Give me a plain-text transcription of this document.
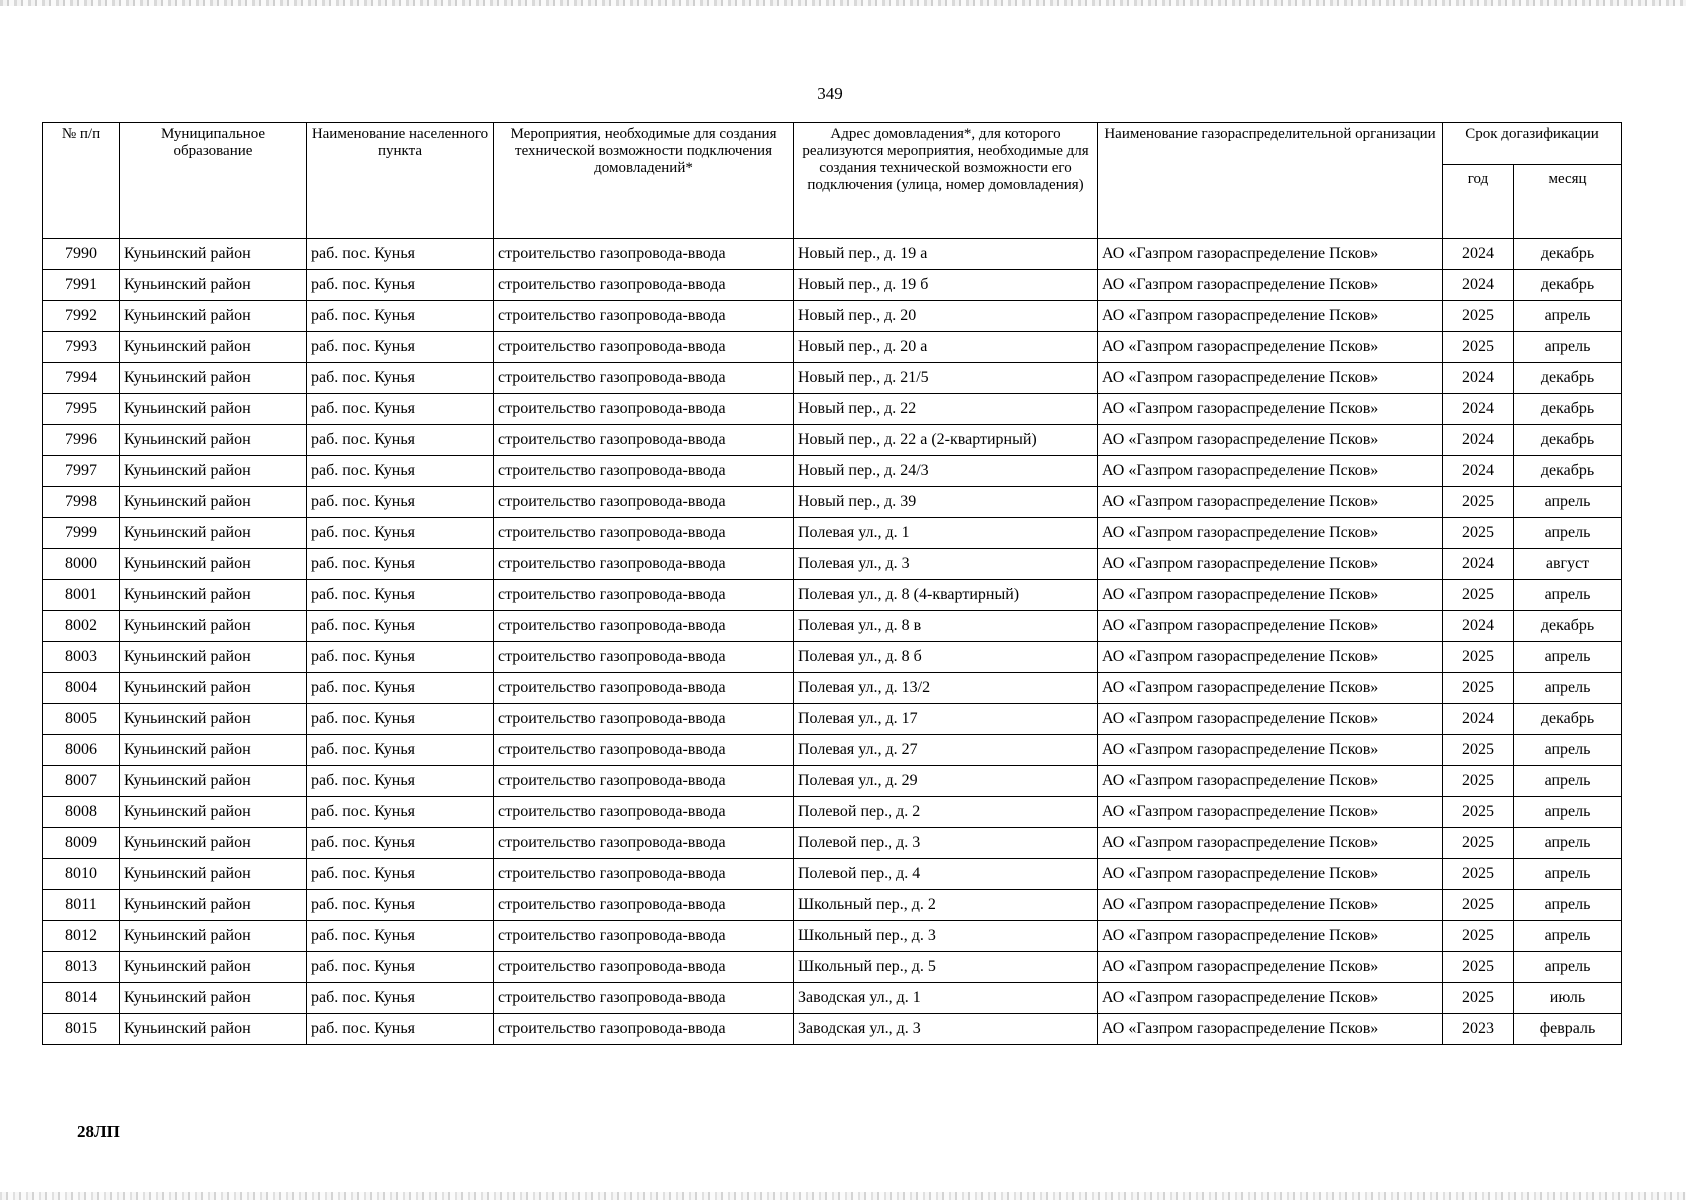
349
№ п/п	Муниципальное образование	Наименование населенного пункта	Мероприятия, необходимые для создания технической возможности подключения домовладений*	Адрес домовладения*, для которого реализуются мероприятия, необходимые для создания технической возможности его подключения (улица, номер домовладения)	Наименование газораспределительной организации	Срок догазификации	
						год	месяц
7990	Куньинский район	раб. пос. Кунья	строительство газопровода-ввода	Новый пер., д. 19 а	АО «Газпром газораспределение Псков»	2024	декабрь
7991	Куньинский район	раб. пос. Кунья	строительство газопровода-ввода	Новый пер., д. 19 б	АО «Газпром газораспределение Псков»	2024	декабрь
7992	Куньинский район	раб. пос. Кунья	строительство газопровода-ввода	Новый пер., д. 20	АО «Газпром газораспределение Псков»	2025	апрель
7993	Куньинский район	раб. пос. Кунья	строительство газопровода-ввода	Новый пер., д. 20 а	АО «Газпром газораспределение Псков»	2025	апрель
7994	Куньинский район	раб. пос. Кунья	строительство газопровода-ввода	Новый пер., д. 21/5	АО «Газпром газораспределение Псков»	2024	декабрь
7995	Куньинский район	раб. пос. Кунья	строительство газопровода-ввода	Новый пер., д. 22	АО «Газпром газораспределение Псков»	2024	декабрь
7996	Куньинский район	раб. пос. Кунья	строительство газопровода-ввода	Новый пер., д. 22 а (2-квартирный)	АО «Газпром газораспределение Псков»	2024	декабрь
7997	Куньинский район	раб. пос. Кунья	строительство газопровода-ввода	Новый пер., д. 24/3	АО «Газпром газораспределение Псков»	2024	декабрь
7998	Куньинский район	раб. пос. Кунья	строительство газопровода-ввода	Новый пер., д. 39	АО «Газпром газораспределение Псков»	2025	апрель
7999	Куньинский район	раб. пос. Кунья	строительство газопровода-ввода	Полевая ул., д. 1	АО «Газпром газораспределение Псков»	2025	апрель
8000	Куньинский район	раб. пос. Кунья	строительство газопровода-ввода	Полевая ул., д. 3	АО «Газпром газораспределение Псков»	2024	август
8001	Куньинский район	раб. пос. Кунья	строительство газопровода-ввода	Полевая ул., д. 8 (4-квартирный)	АО «Газпром газораспределение Псков»	2025	апрель
8002	Куньинский район	раб. пос. Кунья	строительство газопровода-ввода	Полевая ул., д. 8 в	АО «Газпром газораспределение Псков»	2024	декабрь
8003	Куньинский район	раб. пос. Кунья	строительство газопровода-ввода	Полевая ул., д. 8 б	АО «Газпром газораспределение Псков»	2025	апрель
8004	Куньинский район	раб. пос. Кунья	строительство газопровода-ввода	Полевая ул., д. 13/2	АО «Газпром газораспределение Псков»	2025	апрель
8005	Куньинский район	раб. пос. Кунья	строительство газопровода-ввода	Полевая ул., д. 17	АО «Газпром газораспределение Псков»	2024	декабрь
8006	Куньинский район	раб. пос. Кунья	строительство газопровода-ввода	Полевая ул., д. 27	АО «Газпром газораспределение Псков»	2025	апрель
8007	Куньинский район	раб. пос. Кунья	строительство газопровода-ввода	Полевая ул., д. 29	АО «Газпром газораспределение Псков»	2025	апрель
8008	Куньинский район	раб. пос. Кунья	строительство газопровода-ввода	Полевой пер., д. 2	АО «Газпром газораспределение Псков»	2025	апрель
8009	Куньинский район	раб. пос. Кунья	строительство газопровода-ввода	Полевой пер., д. 3	АО «Газпром газораспределение Псков»	2025	апрель
8010	Куньинский район	раб. пос. Кунья	строительство газопровода-ввода	Полевой пер., д. 4	АО «Газпром газораспределение Псков»	2025	апрель
8011	Куньинский район	раб. пос. Кунья	строительство газопровода-ввода	Школьный пер., д. 2	АО «Газпром газораспределение Псков»	2025	апрель
8012	Куньинский район	раб. пос. Кунья	строительство газопровода-ввода	Школьный пер., д. 3	АО «Газпром газораспределение Псков»	2025	апрель
8013	Куньинский район	раб. пос. Кунья	строительство газопровода-ввода	Школьный пер., д. 5	АО «Газпром газораспределение Псков»	2025	апрель
8014	Куньинский район	раб. пос. Кунья	строительство газопровода-ввода	Заводская ул., д. 1	АО «Газпром газораспределение Псков»	2025	июль
8015	Куньинский район	раб. пос. Кунья	строительство газопровода-ввода	Заводская ул., д. 3	АО «Газпром газораспределение Псков»	2023	февраль
28ЛП
